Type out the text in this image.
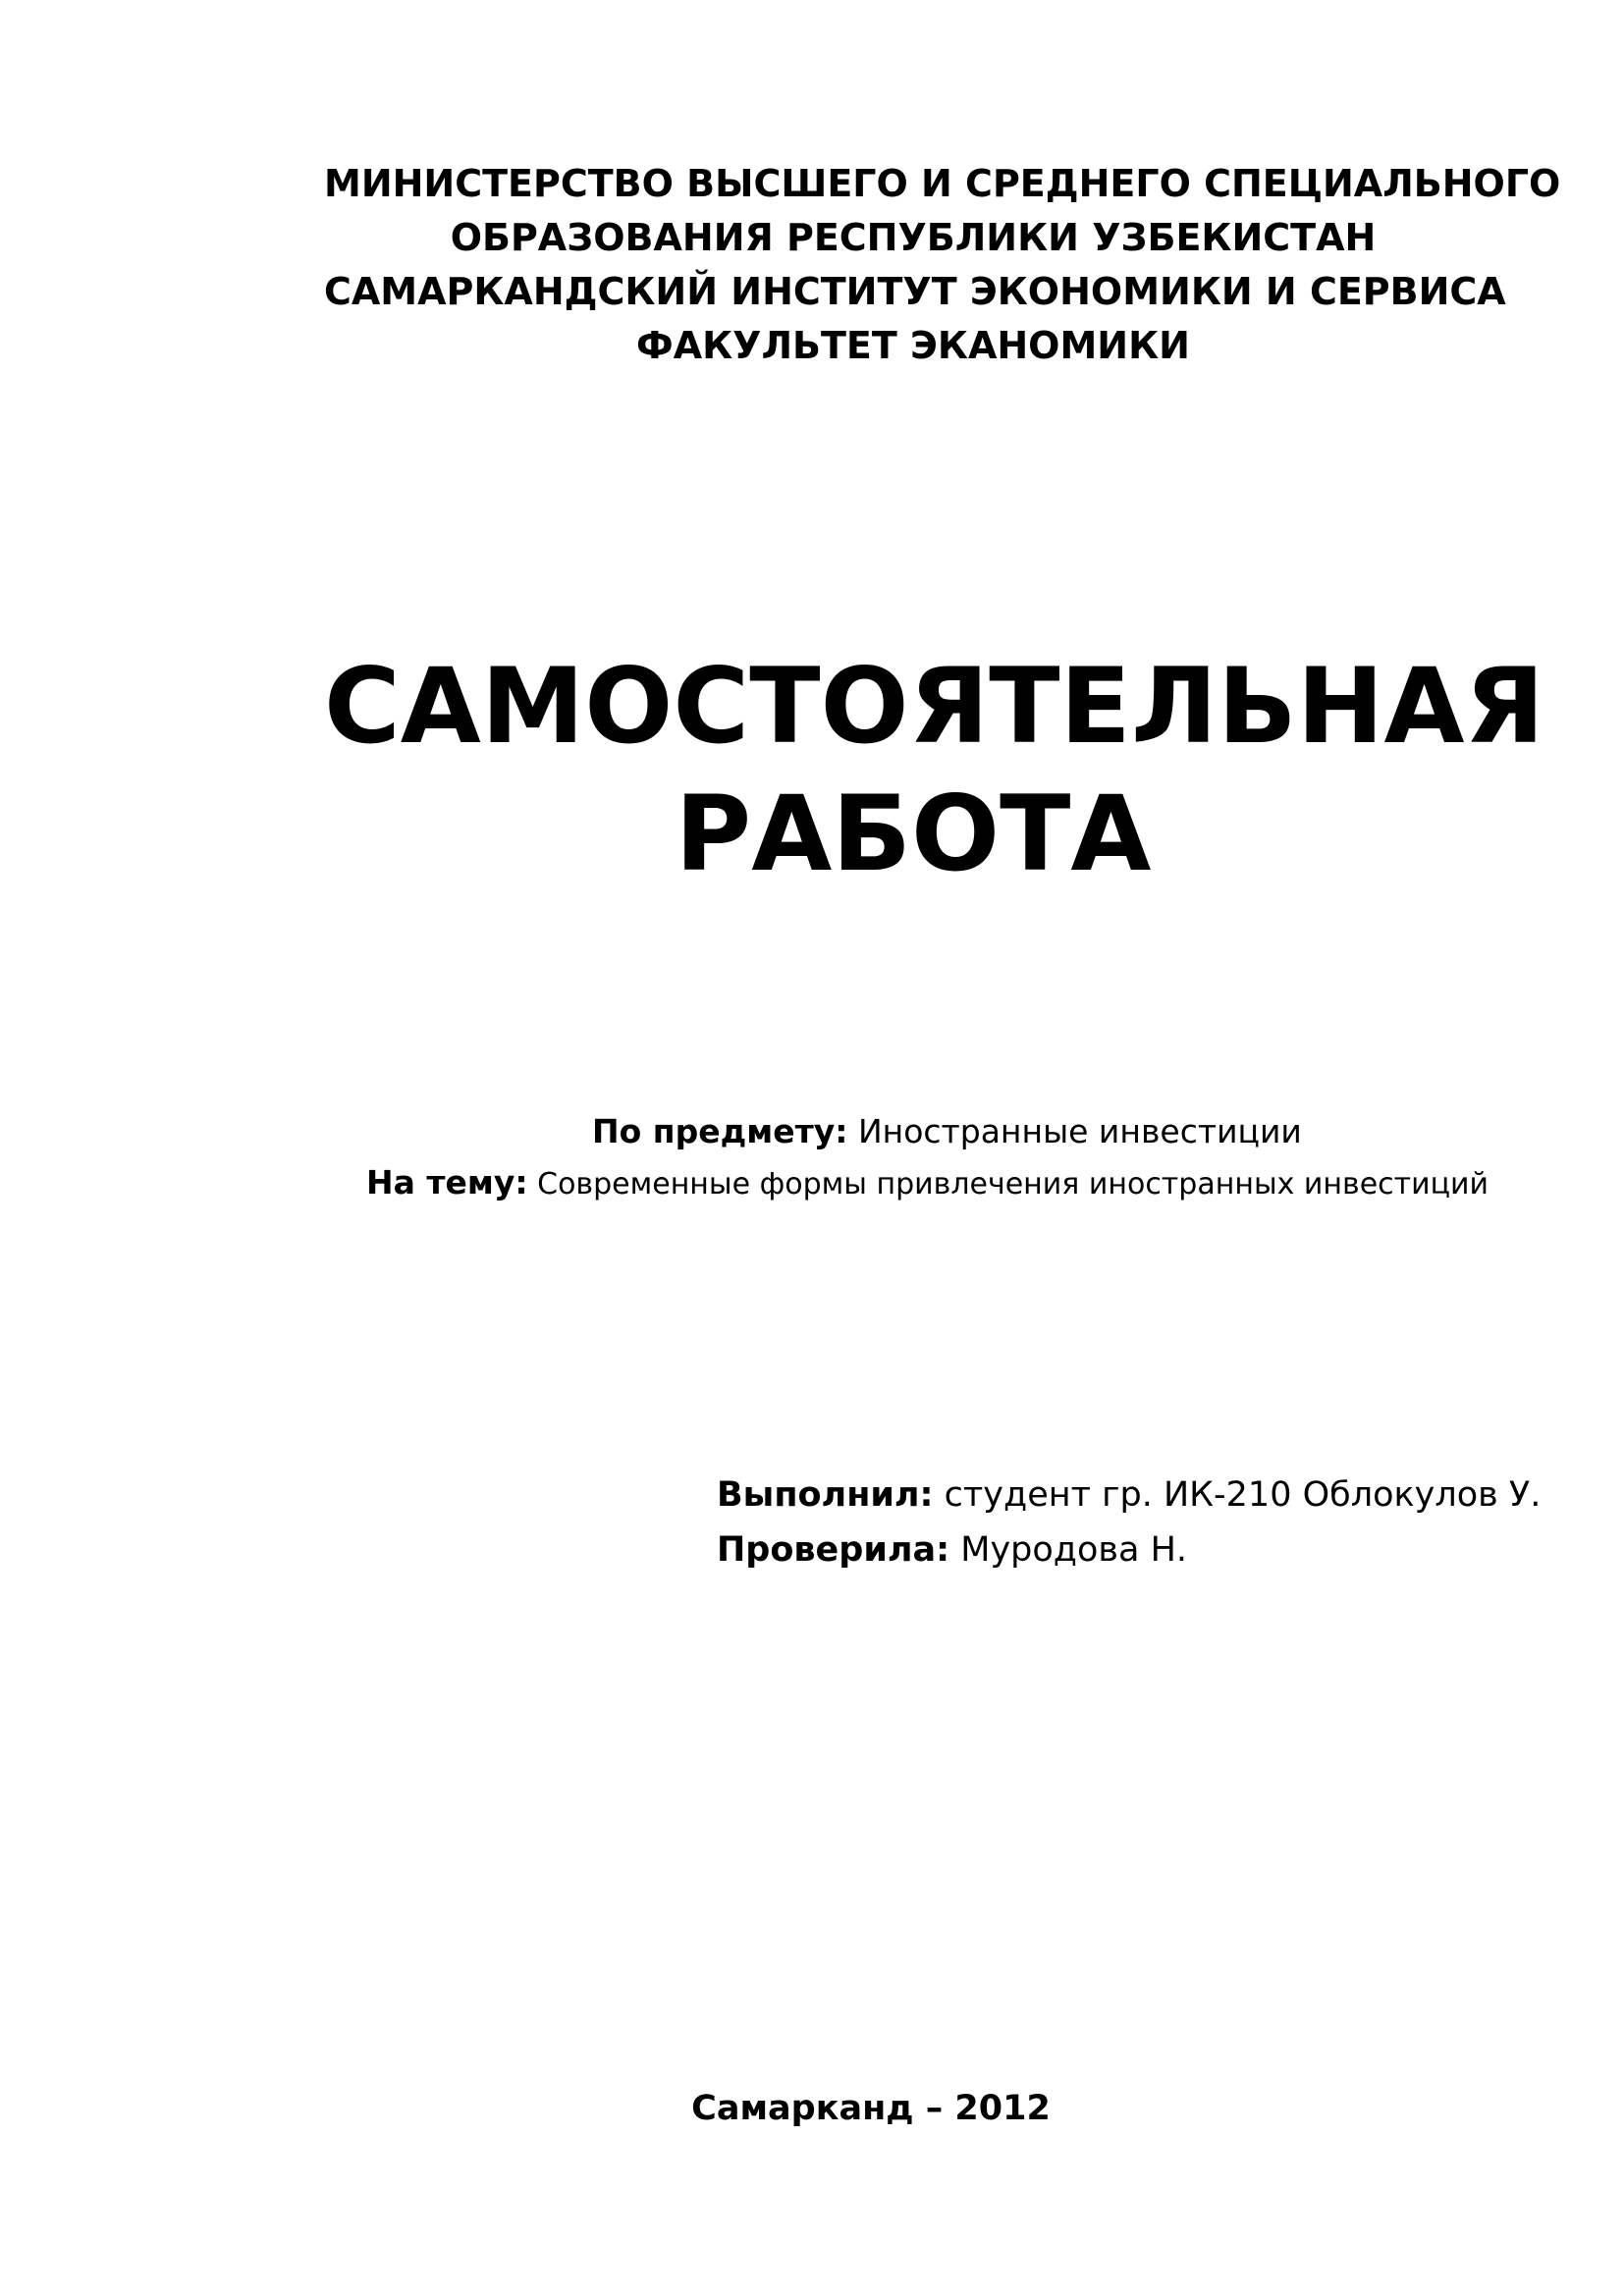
МИНИСТЕРСТВО ВЫСШЕГО И СРЕДНЕГО СПЕЦИАЛЬНОГО
ОБРАЗОВАНИЯ РЕСПУБЛИКИ УЗБЕКИСТАН
САМАРКАНДСКИЙ ИНСТИТУТ ЭКОНОМИКИ И СЕРВИСА
ФАКУЛЬТЕТ ЭКАНОМИКИ
САМОСТОЯТЕЛЬНАЯ
РАБОТА
По предмету: Иностранные инвестиции
На тему: Современные формы привлечения иностранных инвестиций
Выполнил: студент гр. ИК-210 Облокулов У.
Проверила: Муродова Н.
Самарканд – 2012
